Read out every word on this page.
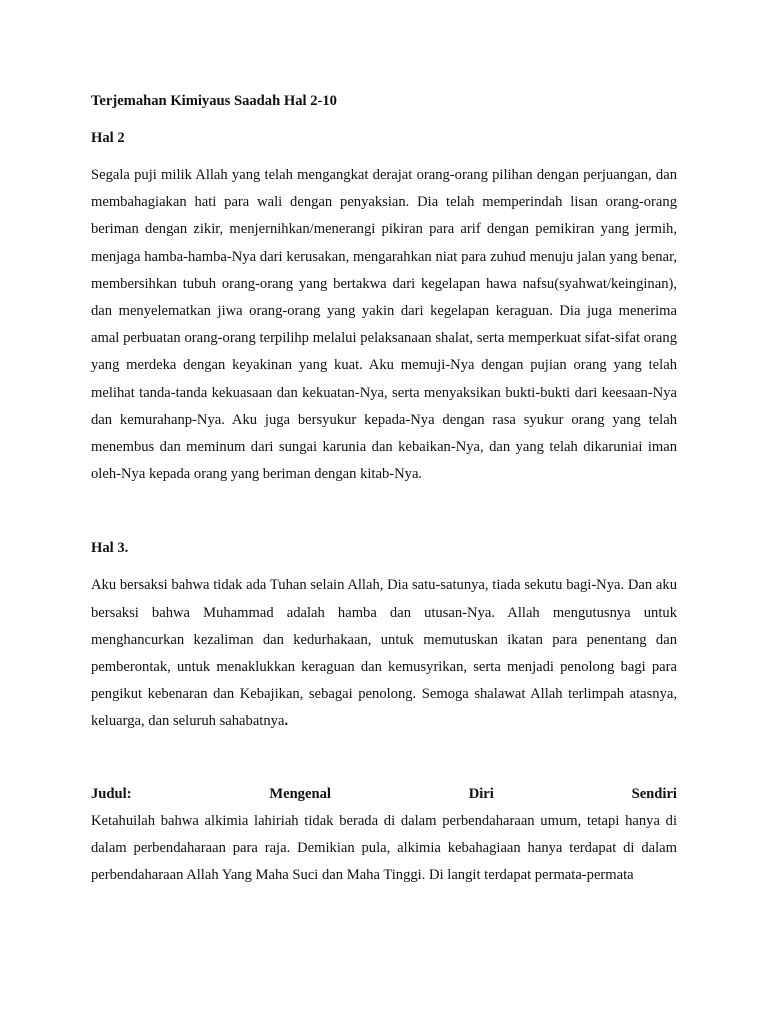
Terjemahan Kimiyaus Saadah Hal 2-10

Hal 2

Segala puji milik Allah yang telah mengangkat derajat orang-orang pilihan dengan perjuangan, dan membahagiakan hati para wali dengan penyaksian. Dia telah memperindah lisan orang-orang beriman dengan zikir, menjernihkan/menerangi pikiran para arif dengan pemikiran yang jermih, menjaga hamba-hamba-Nya dari kerusakan, mengarahkan niat para zuhud menuju jalan yang benar, membersihkan tubuh orang-orang yang bertakwa dari kegelapan hawa nafsu(syahwat/keinginan), dan menyelematkan jiwa orang-orang yang yakin dari kegelapan keraguan. Dia juga menerima amal perbuatan orang-orang terpilihp melalui pelaksanaan shalat, serta memperkuat sifat-sifat orang yang merdeka dengan keyakinan yang kuat. Aku memuji-Nya dengan pujian orang yang telah melihat tanda-tanda kekuasaan dan kekuatan-Nya, serta menyaksikan bukti-bukti dari keesaan-Nya dan kemurahanp-Nya. Aku juga bersyukur kepada-Nya dengan rasa syukur orang yang telah menembus dan meminum dari sungai karunia dan kebaikan-Nya, dan yang telah dikaruniai iman oleh-Nya kepada orang yang beriman dengan kitab-Nya.

Hal 3.

Aku bersaksi bahwa tidak ada Tuhan selain Allah, Dia satu-satunya, tiada sekutu bagi-Nya. Dan aku bersaksi bahwa Muhammad adalah hamba dan utusan-Nya. Allah mengutusnya untuk menghancurkan kezaliman dan kedurhakaan, untuk memutuskan ikatan para penentang dan pemberontak, untuk menaklukkan keraguan dan kemusyrikan, serta menjadi penolong bagi para pengikut kebenaran dan Kebajikan, sebagai penolong. Semoga shalawat Allah terlimpah atasnya, keluarga, dan seluruh sahabatnya.

Judul:	Mengenal	Diri	Sendiri

Ketahuilah bahwa alkimia lahiriah tidak berada di dalam perbendaharaan umum, tetapi hanya di dalam perbendaharaan para raja. Demikian pula, alkimia kebahagiaan hanya terdapat di dalam perbendaharaan Allah Yang Maha Suci dan Maha Tinggi. Di langit terdapat permata-permata
